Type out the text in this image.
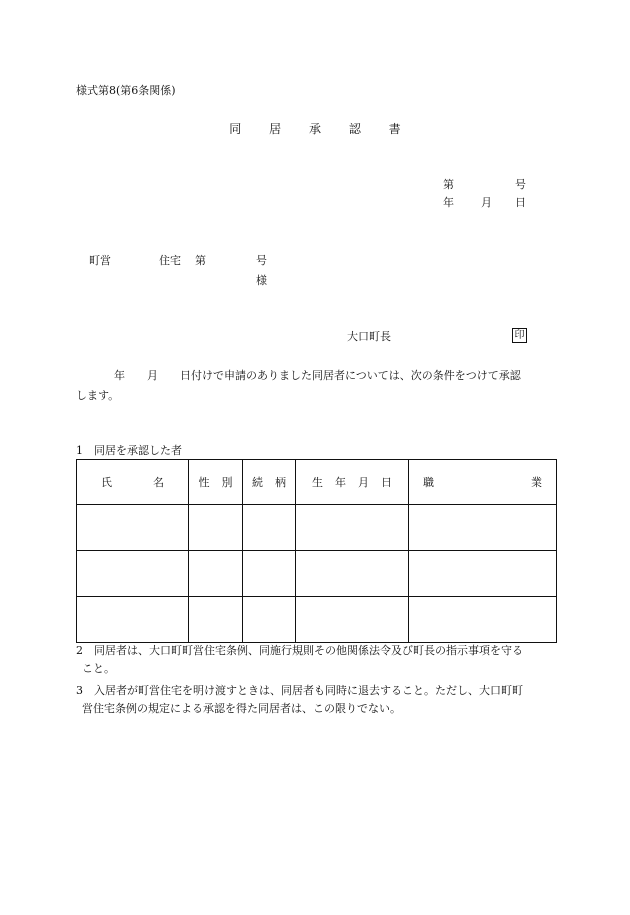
様式第8(第6条関係)
同 居 承 認 書
第	号
年 月 日
町営	住宅 第	号
様
大口町長	印
年 月 日付けで申請のありました同居者については、次の条件をつけて承認
します。
1　同居を承認した者
氏 名	性 別	続 柄	生 年 月 日	職 業

2　同居者は、大口町町営住宅条例、同施行規則その他関係法令及び町長の指示事項を守る
こと。
3　入居者が町営住宅を明け渡すときは、同居者も同時に退去すること。ただし、大口町町
営住宅条例の規定による承認を得た同居者は、この限りでない。
